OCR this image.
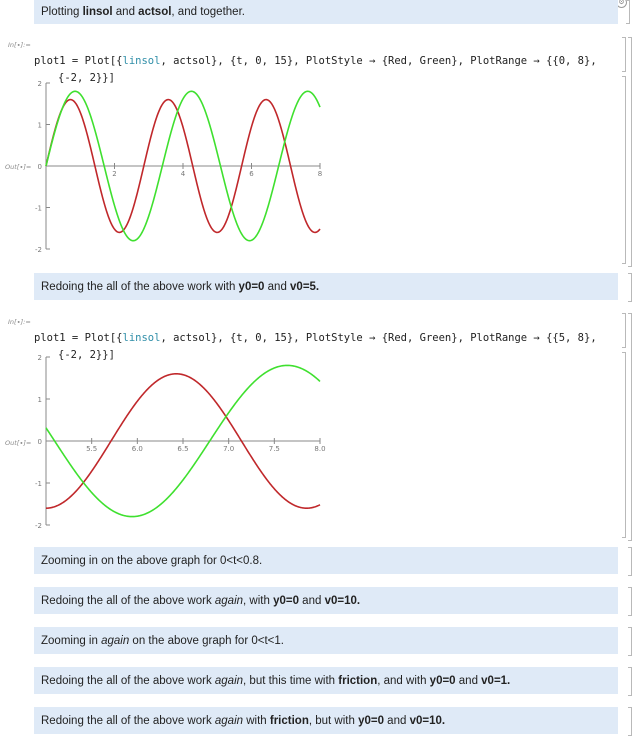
⚙
Plotting linsol and actsol, and together.
In[∙]:=

plot1 = Plot[{linsol, actsol}, {t, 0, 15}, PlotStyle → {Red, Green}, PlotRange → {{0, 8},
{-2, 2}}]

Out[∙]=
-2
-1
0
1
2
2	4	6	8
Redoing the all of the above work with y0=0 and v0=5.
In[∙]:=

plot1 = Plot[{linsol, actsol}, {t, 0, 15}, PlotStyle → {Red, Green}, PlotRange → {{5, 8},
{-2, 2}}]

Out[∙]=
-2
-1
0
1
2
5.5	6.0	6.5	7.0	7.5	8.0
Zooming in on the above graph for 0<t<0.8.
Redoing the all of the above work again, with y0=0 and v0=10.
Zooming in again on the above graph for 0<t<1.
Redoing the all of the above work again, but this time with friction, and with y0=0 and v0=1.
Redoing the all of the above work again with friction, but with y0=0 and v0=10.
